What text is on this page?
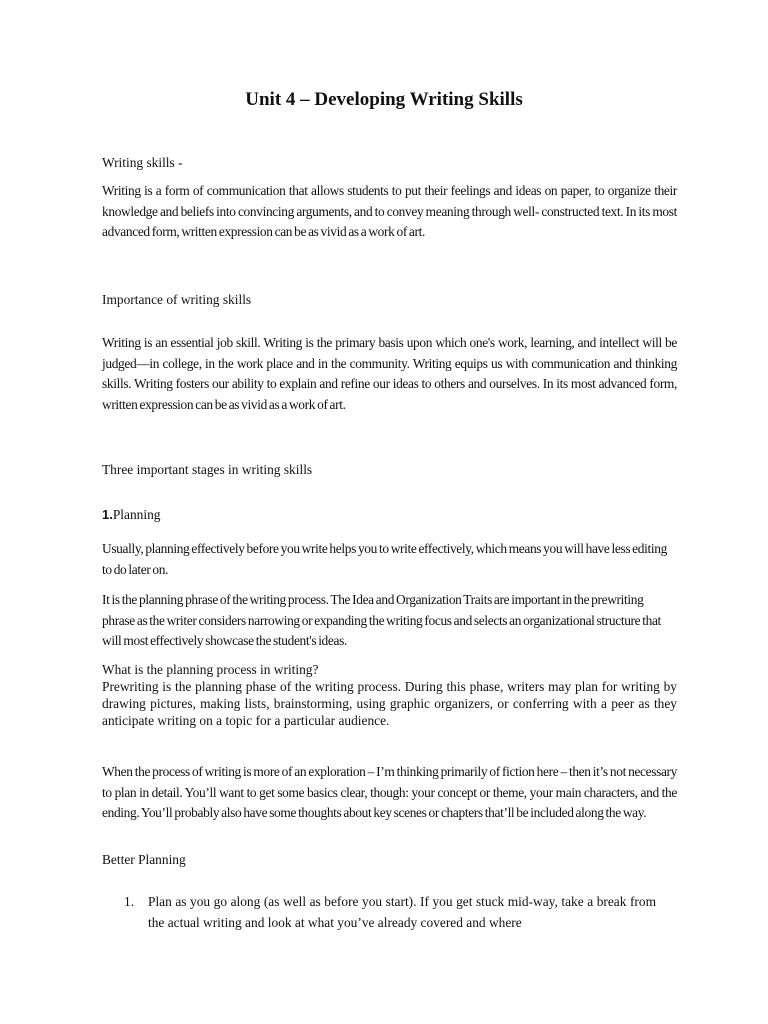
Unit 4 – Developing Writing Skills

Writing skills -

Writing is a form of communication that allows students to put their feelings and ideas on paper, to organize their knowledge and beliefs into convincing arguments, and to convey meaning through well- constructed text. In its most advanced form, written expression can be as vivid as a work of art.

Importance of writing skills

Writing is an essential job skill. Writing is the primary basis upon which one's work, learning, and intellect will be judged—in college, in the work place and in the community. Writing equips us with communication and thinking skills. Writing fosters our ability to explain and refine our ideas to others and ourselves. In its most advanced form, written expression can be as vivid as a work of art.

Three important stages in writing skills

1.Planning

Usually, planning effectively before you write helps you to write effectively, which means you will have less editing to do later on.

It is the planning phrase of the writing process. The Idea and Organization Traits are important in the prewriting phrase as the writer considers narrowing or expanding the writing focus and selects an organizational structure that will most effectively showcase the student's ideas.

What is the planning process in writing?

Prewriting is the planning phase of the writing process. During this phase, writers may plan for writing by drawing pictures, making lists, brainstorming, using graphic organizers, or conferring with a peer as they anticipate writing on a topic for a particular audience.

When the process of writing is more of an exploration – I’m thinking primarily of fiction here – then it’s not necessary to plan in detail. You’ll want to get some basics clear, though: your concept or theme, your main characters, and the ending. You’ll probably also have some thoughts about key scenes or chapters that’ll be included along the way.

Better Planning

1. Plan as you go along (as well as before you start). If you get stuck mid-way, take a break from the actual writing and look at what you’ve already covered and where
